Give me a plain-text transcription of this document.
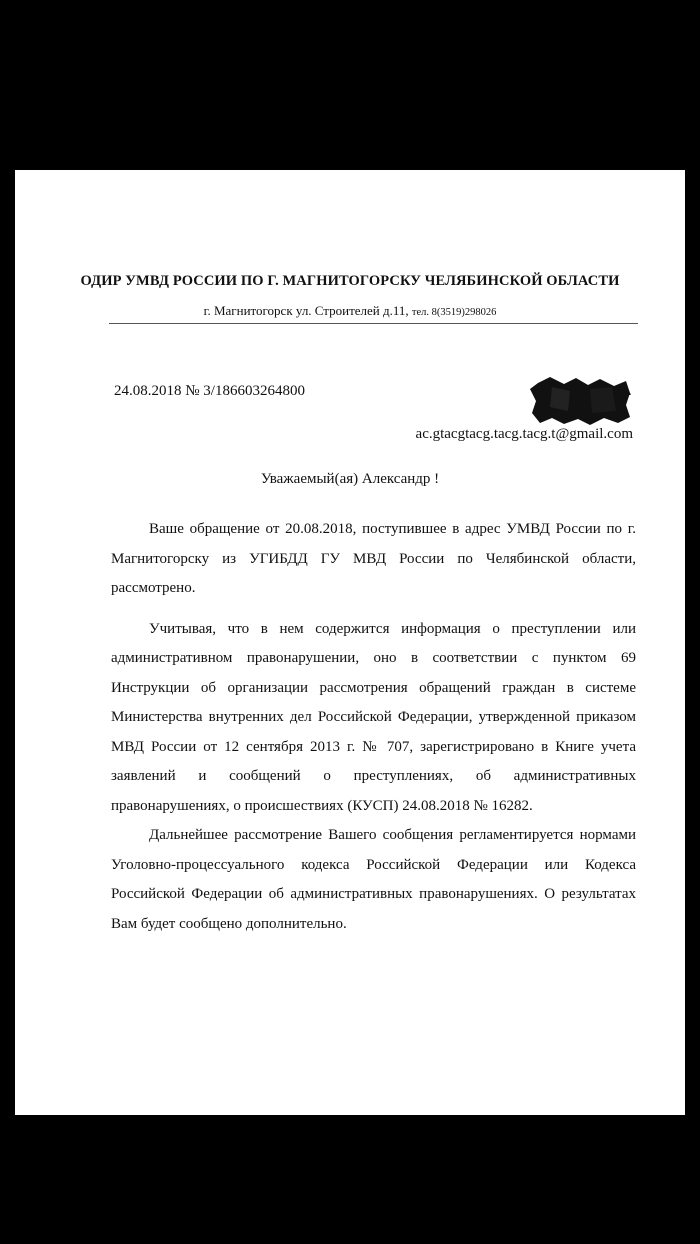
ОДИР УМВД РОССИИ ПО Г. МАГНИТОГОРСКУ ЧЕЛЯБИНСКОЙ ОБЛАСТИ
г. Магнитогорск ул. Строителей д.11, тел. 8(3519)298026
24.08.2018 № 3/186603264800	.
ac.gtacgtacg.tacg.tacg.t@gmail.com
Уважаемый(ая) Александр !

Ваше обращение от 20.08.2018, поступившее в адрес УМВД России по г. Магнитогорску из УГИБДД ГУ МВД России по Челябинской области, рассмотрено.

Учитывая, что в нем содержится информация о преступлении или административном правонарушении, оно в соответствии с пунктом 69 Инструкции об организации рассмотрения обращений граждан в системе Министерства внутренних дел Российской Федерации, утвержденной приказом МВД России от 12 сентября 2013 г. № 707, зарегистрировано в Книге учета заявлений и сообщений о преступлениях, об административных правонарушениях, о происшествиях (КУСП) 24.08.2018 № 16282.

Дальнейшее рассмотрение Вашего сообщения регламентируется нормами Уголовно-процессуального кодекса Российской Федерации или Кодекса Российской Федерации об административных правонарушениях. О результатах Вам будет сообщено дополнительно.
